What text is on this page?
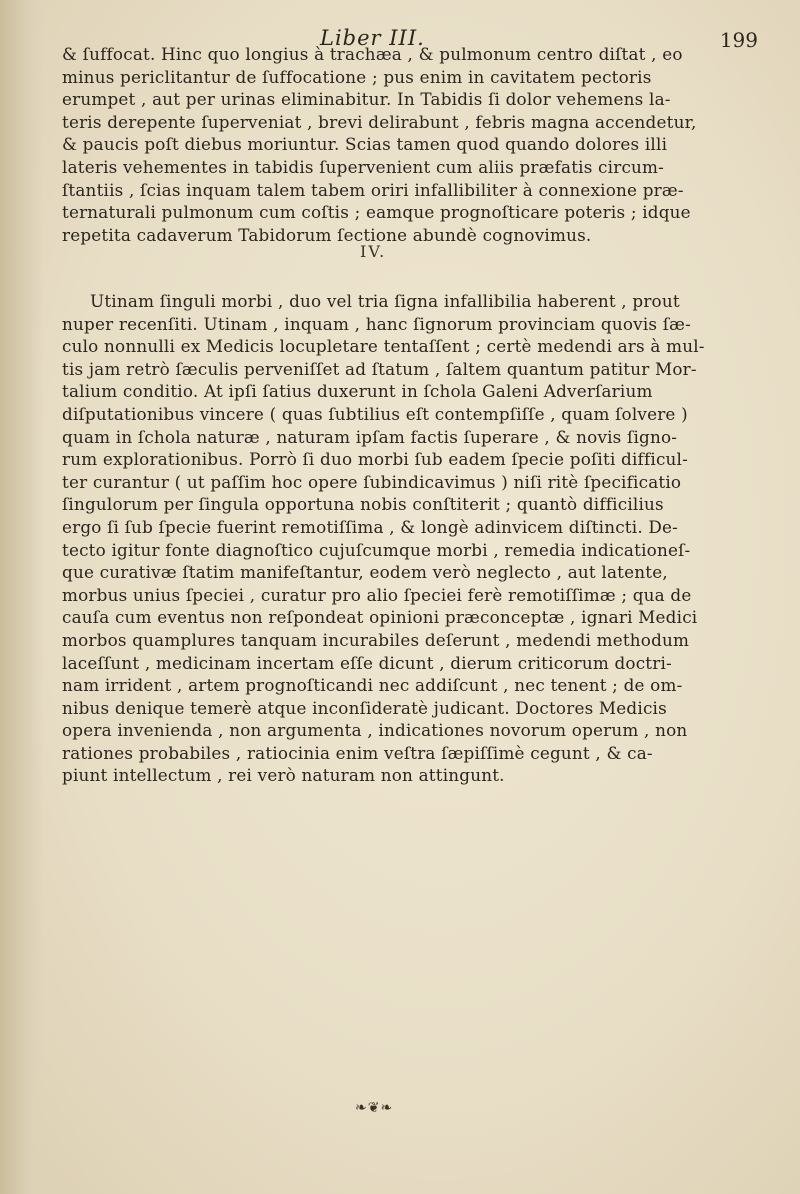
Liber III.	199
& ſuffocat. Hinc quo longius à trachæa , & pulmonum centro diſtat , eo
minus periclitantur de ſuffocatione ; pus enim in cavitatem pectoris
erumpet , aut per urinas eliminabitur. In Tabidis ſi dolor vehemens la-
teris derepente ſuperveniat , brevi delirabunt , febris magna accendetur,
& paucis poſt diebus moriuntur. Scias tamen quod quando dolores illi
lateris vehementes in tabidis ſupervenient cum aliis præfatis circum-
ſtantiis , ſcias inquam talem tabem oriri infallibiliter à connexione præ-
ternaturali pulmonum cum coſtis ; eamque prognoſticare poteris ; idque
repetita cadaverum Tabidorum ſectione abundè cognovimus.
IV.
Utinam ſinguli morbi , duo vel tria ſigna infallibilia haberent , prout
nuper recenſiti. Utinam , inquam , hanc ſignorum provinciam quovis ſæ-
culo nonnulli ex Medicis locupletare tentaſſent ; certè medendi ars à mul-
tis jam retrò ſæculis perveniſſet ad ſtatum , ſaltem quantum patitur Mor-
talium conditio. At ipſi ſatius duxerunt in ſchola Galeni Adverſarium
diſputationibus vincere ( quas ſubtilius eſt contempſiſſe , quam ſolvere )
quam in ſchola naturæ , naturam ipſam factis ſuperare , & novis ſigno-
rum explorationibus. Porrò ſi duo morbi ſub eadem ſpecie poſiti difficul-
ter curantur ( ut paſſim hoc opere ſubindicavimus ) niſi ritè ſpecificatio
ſingulorum per ſingula opportuna nobis conſtiterit ; quantò difficilius
ergo ſi ſub ſpecie fuerint remotiſſima , & longè adinvicem diſtincti. De-
tecto igitur fonte diagnoſtico cujuſcumque morbi , remedia indicationeſ-
que curativæ ſtatim manifeſtantur, eodem verò neglecto , aut latente,
morbus unius ſpeciei , curatur pro alio ſpeciei ferè remotiſſimæ ; qua de
cauſa cum eventus non reſpondeat opinioni præconceptæ , ignari Medici
morbos quamplures tanquam incurabiles deſerunt , medendi methodum
laceſſunt , medicinam incertam eſſe dicunt , dierum criticorum doctri-
nam irrident , artem prognoſticandi nec addiſcunt , nec tenent ; de om-
nibus denique temerè atque inconſideratè judicant. Doctores Medicis
opera invenienda , non argumenta , indicationes novorum operum , non
rationes probabiles , ratiocinia enim veſtra ſæpiſſimè cegunt , & ca-
piunt intellectum , rei verò naturam non attingunt.
❧❦❧
